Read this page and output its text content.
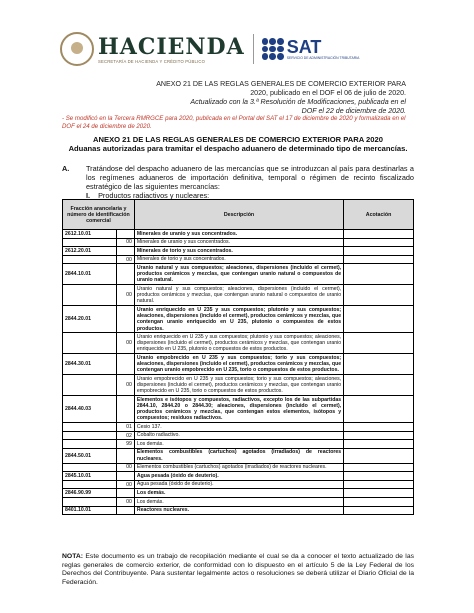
HACIENDA
SECRETARÍA DE HACIENDA Y CRÉDITO PÚBLICO
SAT
SERVICIO DE ADMINISTRACIÓN TRIBUTARIA
ANEXO 21 DE LAS REGLAS GENERALES DE COMERCIO EXTERIOR PARA
2020, publicado en el DOF el 06 de julio de 2020.
Actualizado con la 3.ª Resolución de Modificaciones, publicada en el
DOF el 22 de diciembre de 2020.
- Se modificó en la Tercera RMRGCE para 2020, publicada en el Portal del SAT el 17 de diciembre de 2020 y formalizada en el DOF el 24 de diciembre de 2020.
ANEXO 21 DE LAS REGLAS GENERALES DE COMERCIO EXTERIOR PARA 2020
Aduanas autorizadas para tramitar el despacho aduanero de determinado tipo de mercancías.
A.	Tratándose del despacho aduanero de las mercancías que se introduzcan al país para destinarlas a los regímenes aduaneros de importación definitiva, temporal o régimen de recinto fiscalizado estratégico de las siguientes mercancías:
I. Productos radiactivos y nucleares:
Fracción arancelaria y número de identificación comercial		Descripción	Acotación
2612.10.01		Minerales de uranio y sus concentrados.	
	00	Minerales de uranio y sus concentrados.	
2612.20.01		Minerales de torio y sus concentrados.	
	00	Minerales de torio y sus concentrados.	
2844.10.01		Uranio natural y sus compuestos; aleaciones, dispersiones (incluido el cermet), productos cerámicos y mezclas, que contengan uranio natural o compuestos de uranio natural.	
	00	Uranio natural y sus compuestos; aleaciones, dispersiones (incluido el cermet), productos cerámicos y mezclas, que contengan uranio natural o compuestos de uranio natural.	
2844.20.01		Uranio enriquecido en U 235 y sus compuestos; plutonio y sus compuestos; aleaciones, dispersiones (incluido el cermet), productos cerámicos y mezclas, que contengan uranio enriquecido en U 235, plutonio o compuestos de estos productos.	
	00	Uranio enriquecido en U 235 y sus compuestos; plutonio y sus compuestos; aleaciones, dispersiones (incluido el cermet), productos cerámicos y mezclas, que contengan uranio enriquecido en U 235, plutonio o compuestos de estos productos.	
2844.30.01		Uranio empobrecido en U 235 y sus compuestos; torio y sus compuestos; aleaciones, dispersiones (incluido el cermet), productos cerámicos y mezclas, que contengan uranio empobrecido en U 235, torio o compuestos de estos productos.	
	00	Uranio empobrecido en U 235 y sus compuestos; torio y sus compuestos; aleaciones, dispersiones (incluido el cermet), productos cerámicos y mezclas, que contengan uranio empobrecido en U 235, torio o compuestos de estos productos.	
2844.40.03		Elementos e isótopos y compuestos, radiactivos, excepto los de las subpartidas 2844.10, 2844.20 o 2844.30; aleaciones, dispersiones (incluido el cermet), productos cerámicos y mezclas, que contengan estos elementos, isótopos y compuestos; residuos radiactivos.	
	01	Cesio 137.	
	02	Cobalto radiactivo.	
	99	Los demás.	
2844.50.01		Elementos combustibles (cartuchos) agotados (irradiados) de reactores nucleares.	
	00	Elementos combustibles (cartuchos) agotados (irradiados) de reactores nucleares.	
2845.10.01		Agua pesada (óxido de deuterio).	
	00	Agua pesada (óxido de deuterio).	
2846.90.99		Los demás.	
	00	Los demás.	
8401.10.01		Reactores nucleares.	
NOTA: Este documento es un trabajo de recopilación mediante el cual se da a conocer el texto actualizado de las reglas generales de comercio exterior, de conformidad con lo dispuesto en el artículo 5 de la Ley Federal de los Derechos del Contribuyente. Para sustentar legalmente actos o resoluciones se deberá utilizar el Diario Oficial de la Federación.
